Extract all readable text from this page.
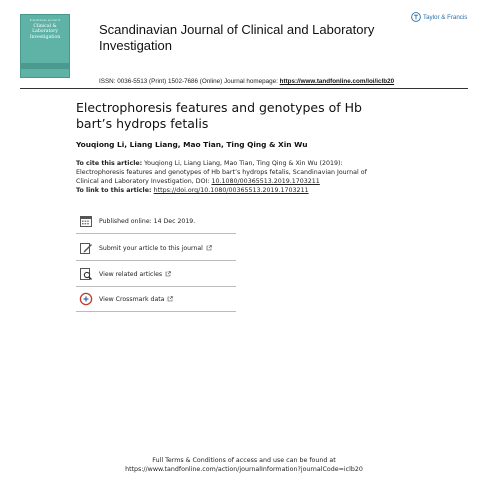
Scandinavian Journal of
Clinical & Laboratory Investigation
Scandinavian Journal of Clinical and Laboratory
Investigation
Taylor & Francis
ISSN: 0036-5513 (Print) 1502-7686 (Online) Journal homepage: https://www.tandfonline.com/loi/iclb20
Electrophoresis features and genotypes of Hb
bart’s hydrops fetalis
Youqiong Li, Liang Liang, Mao Tian, Ting Qing & Xin Wu
To cite this article: Youqiong Li, Liang Liang, Mao Tian, Ting Qing & Xin Wu (2019):
Electrophoresis features and genotypes of Hb bart’s hydrops fetalis, Scandinavian Journal of
Clinical and Laboratory Investigation, DOI: 10.1080/00365513.2019.1703211
To link to this article: https://doi.org/10.1080/00365513.2019.1703211
Published online: 14 Dec 2019.
Submit your article to this journal
View related articles
View Crossmark data
Full Terms & Conditions of access and use can be found at
https://www.tandfonline.com/action/journalInformation?journalCode=iclb20
